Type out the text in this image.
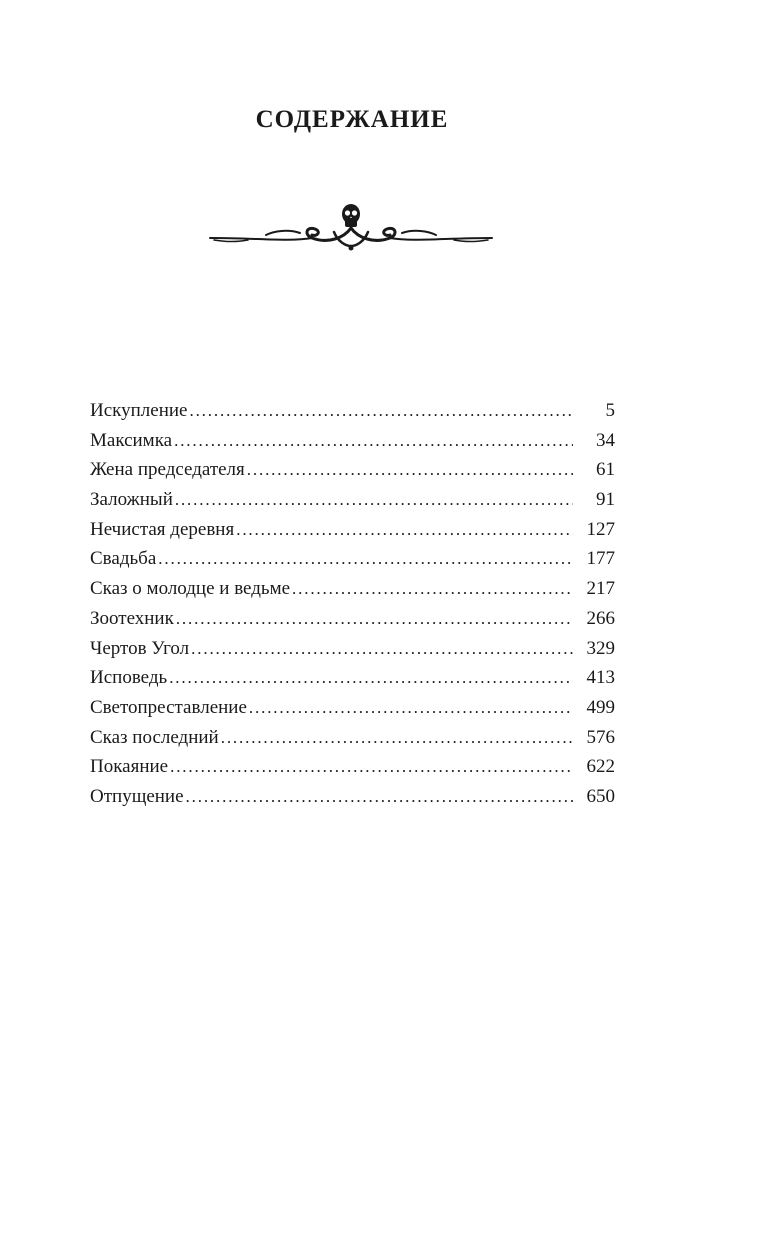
СОДЕРЖАНИЕ
Искупление . . .	5
Максимка . . .	34
Жена председателя . . .	61
Заложный . . .	91
Нечистая деревня . . .	127
Свадьба . . .	177
Сказ о молодце и ведьме . . .	217
Зоотехник . . .	266
Чертов Угол . . .	329
Исповедь . . .	413
Светопреставление . . .	499
Сказ последний . . .	576
Покаяние . . .	622
Отпущение . . .	650
